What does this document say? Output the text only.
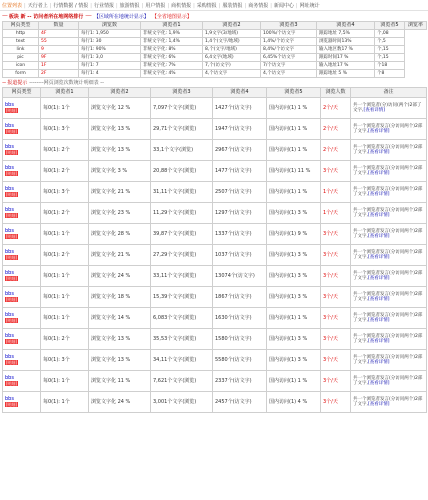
位置列表 | 天行者上 | 行情数据 / 情报 | 行业情报 | 旅游情报 | 用户情报 | 商机情报 | 采购情报 | 服装情报 | 商务情报 | 新闻中心 | 网址统计
------ 板块 新 -- 访问者所在地网络排行 ------- 【区域所在地统计显示】 【全省地图显示】
网页类型	数量	浏览数	浏览者1	浏览者2	浏览者3	浏览者4	浏览者5	浏览率
http	4F	每行1: 1,950	非统文字化: 1,9%	1,9文字(3/地域)	100%/个访文字	跟踪地址 7,5%	个,08	
text	55	每行1: 30	非统文字化: 1,4%	1,4个(文字/地域)	1,4%/个访文字	浏览器时间13%	个,5	
link	9	每行1: 90%	非统文字化: 8%	8,个(文字/地域)	8,4%/个访文字	输入地区数17 %	个,15	
pic	9F	每行1: 3,0	非统文字化: 6%	6,4文字(地域)	6,45%个访文字	跟踪时间17 %	个,15	
icon	1F	每行1: 7	非统文字化: 7%	7,个(访文字)	7/个访文字	输入地址17 %	个18	
form	2F	每行1: 4	非统文字化: 4%	4,个访文字	4,个访文字	跟踪地址 5 %	个8	
---- 报道提示 --------网页浏览次数统计明细表 --
网页类型	浏览者1	浏览者2	浏览者3	浏览者4	浏览者5	浏览人数	备注

bbs
[明细]	每0(1): 1个	浏览文字化 12 %	7,097个文字(浏览)	1427个(访文字)	国内访问(1) 1 %	2个/天	共一个浏览者(分)访问(两个)2部了文字,[查看详情]

bbs
[明细]	每0(1): 3个	浏览文字化 13 %	29,71个文字(浏览)	1947个(访文字)	国内访问(1) 1 %	2个/天	共一个浏览者发言(分访问两个)2部了文字,[查看详情]

bbs
[明细]	每0(1): 2个	浏览文字化 13 %	33,1个文字(浏览)	2967个(访文字)	国内访问(1) 1 %	2个/天	共一个浏览者发言(分访问两个)2部了文字,[查看详情]

bbs
[明细]	每0(1): 2个	浏览文字化 3 %	20,88个文字(浏览)	1477个(访文字)	国内访问(1) 11 %	3个/天	共一个浏览者发言(分访问两个)2部了文字,[查看详情]

bbs
[明细]	每0(1): 3个	浏览文字化 21 %	31,11个文字(浏览)	2507个(访文字)	国内访问(1) 1 %	1个/天	共一个浏览者发言(分访问两个)2部了文字,[查看详情]

bbs
[明细]	每0(1): 2个	浏览文字化 23 %	11,29个文字(浏览)	1297个(访文字)	国内访问(1) 3 %	1个/天	共一个浏览者发言(分访问两个)2部了文字,[查看详情]

bbs
[明细]	每0(1): 1个	浏览文字化 28 %	39,87个文字(浏览)	1337个(访文字)	国内访问(1) 9 %	3个/天	共一个浏览者发言(分访问两个)2部了文字,[查看详情]

bbs
[明细]	每0(1): 2个	浏览文字化 21 %	27,29个文字(浏览)	1037个(访文字)	国内访问(1) 3 %	3个/天	共一个浏览者发言(分访问两个)2部了文字,[查看详情]

bbs
[明细]	每0(1): 1个	浏览文字化 24 %	33,11个文字(浏览)	13074个(访文字)	国内访问(1) 3 %	3个/天	共一个浏览者发言(分访问两个)2部了文字,[查看详情]

bbs
[明细]	每0(1): 1个	浏览文字化 18 %	15,39个文字(浏览)	1867个(访文字)	国内访问(1) 3 %	3个/天	共一个浏览者发言(分访问两个)2部了文字,[查看详情]

bbs
[明细]	每0(1): 1个	浏览文字化 14 %	6,083个文字(浏览)	1630个(访文字)	国内访问(1) 1 %	3个/天	共一个浏览者发言(分访问两个)2部了文字,[查看详情]

bbs
[明细]	每0(1): 2个	浏览文字化 13 %	35,53个文字(浏览)	1580个(访文字)	国内访问(1) 3 %	3个/天	共一个浏览者发言(分访问两个)2部了文字,[查看详情]

bbs
[明细]	每0(1): 3个	浏览文字化 13 %	34,11个文字(浏览)	5580个(访文字)	国内访问(1) 3 %	3个/天	共一个浏览者发言(分访问两个)2部了文字,[查看详情]

bbs
[明细]	每0(1): 1个	浏览文字化 11 %	7,621个文字(浏览)	2337个(访文字)	国内访问(1) 1 %	3个/天	共一个浏览者发言(分访问两个)2部了文字,[查看详情]

bbs
[明细]	每0(1): 1个	浏览文字化 24 %	3,001个文字(浏览)	2457个(访文字)	国内访问(1) 4 %	3个/天	共一个浏览者发言(分访问两个)2部了文字,[查看详情]
